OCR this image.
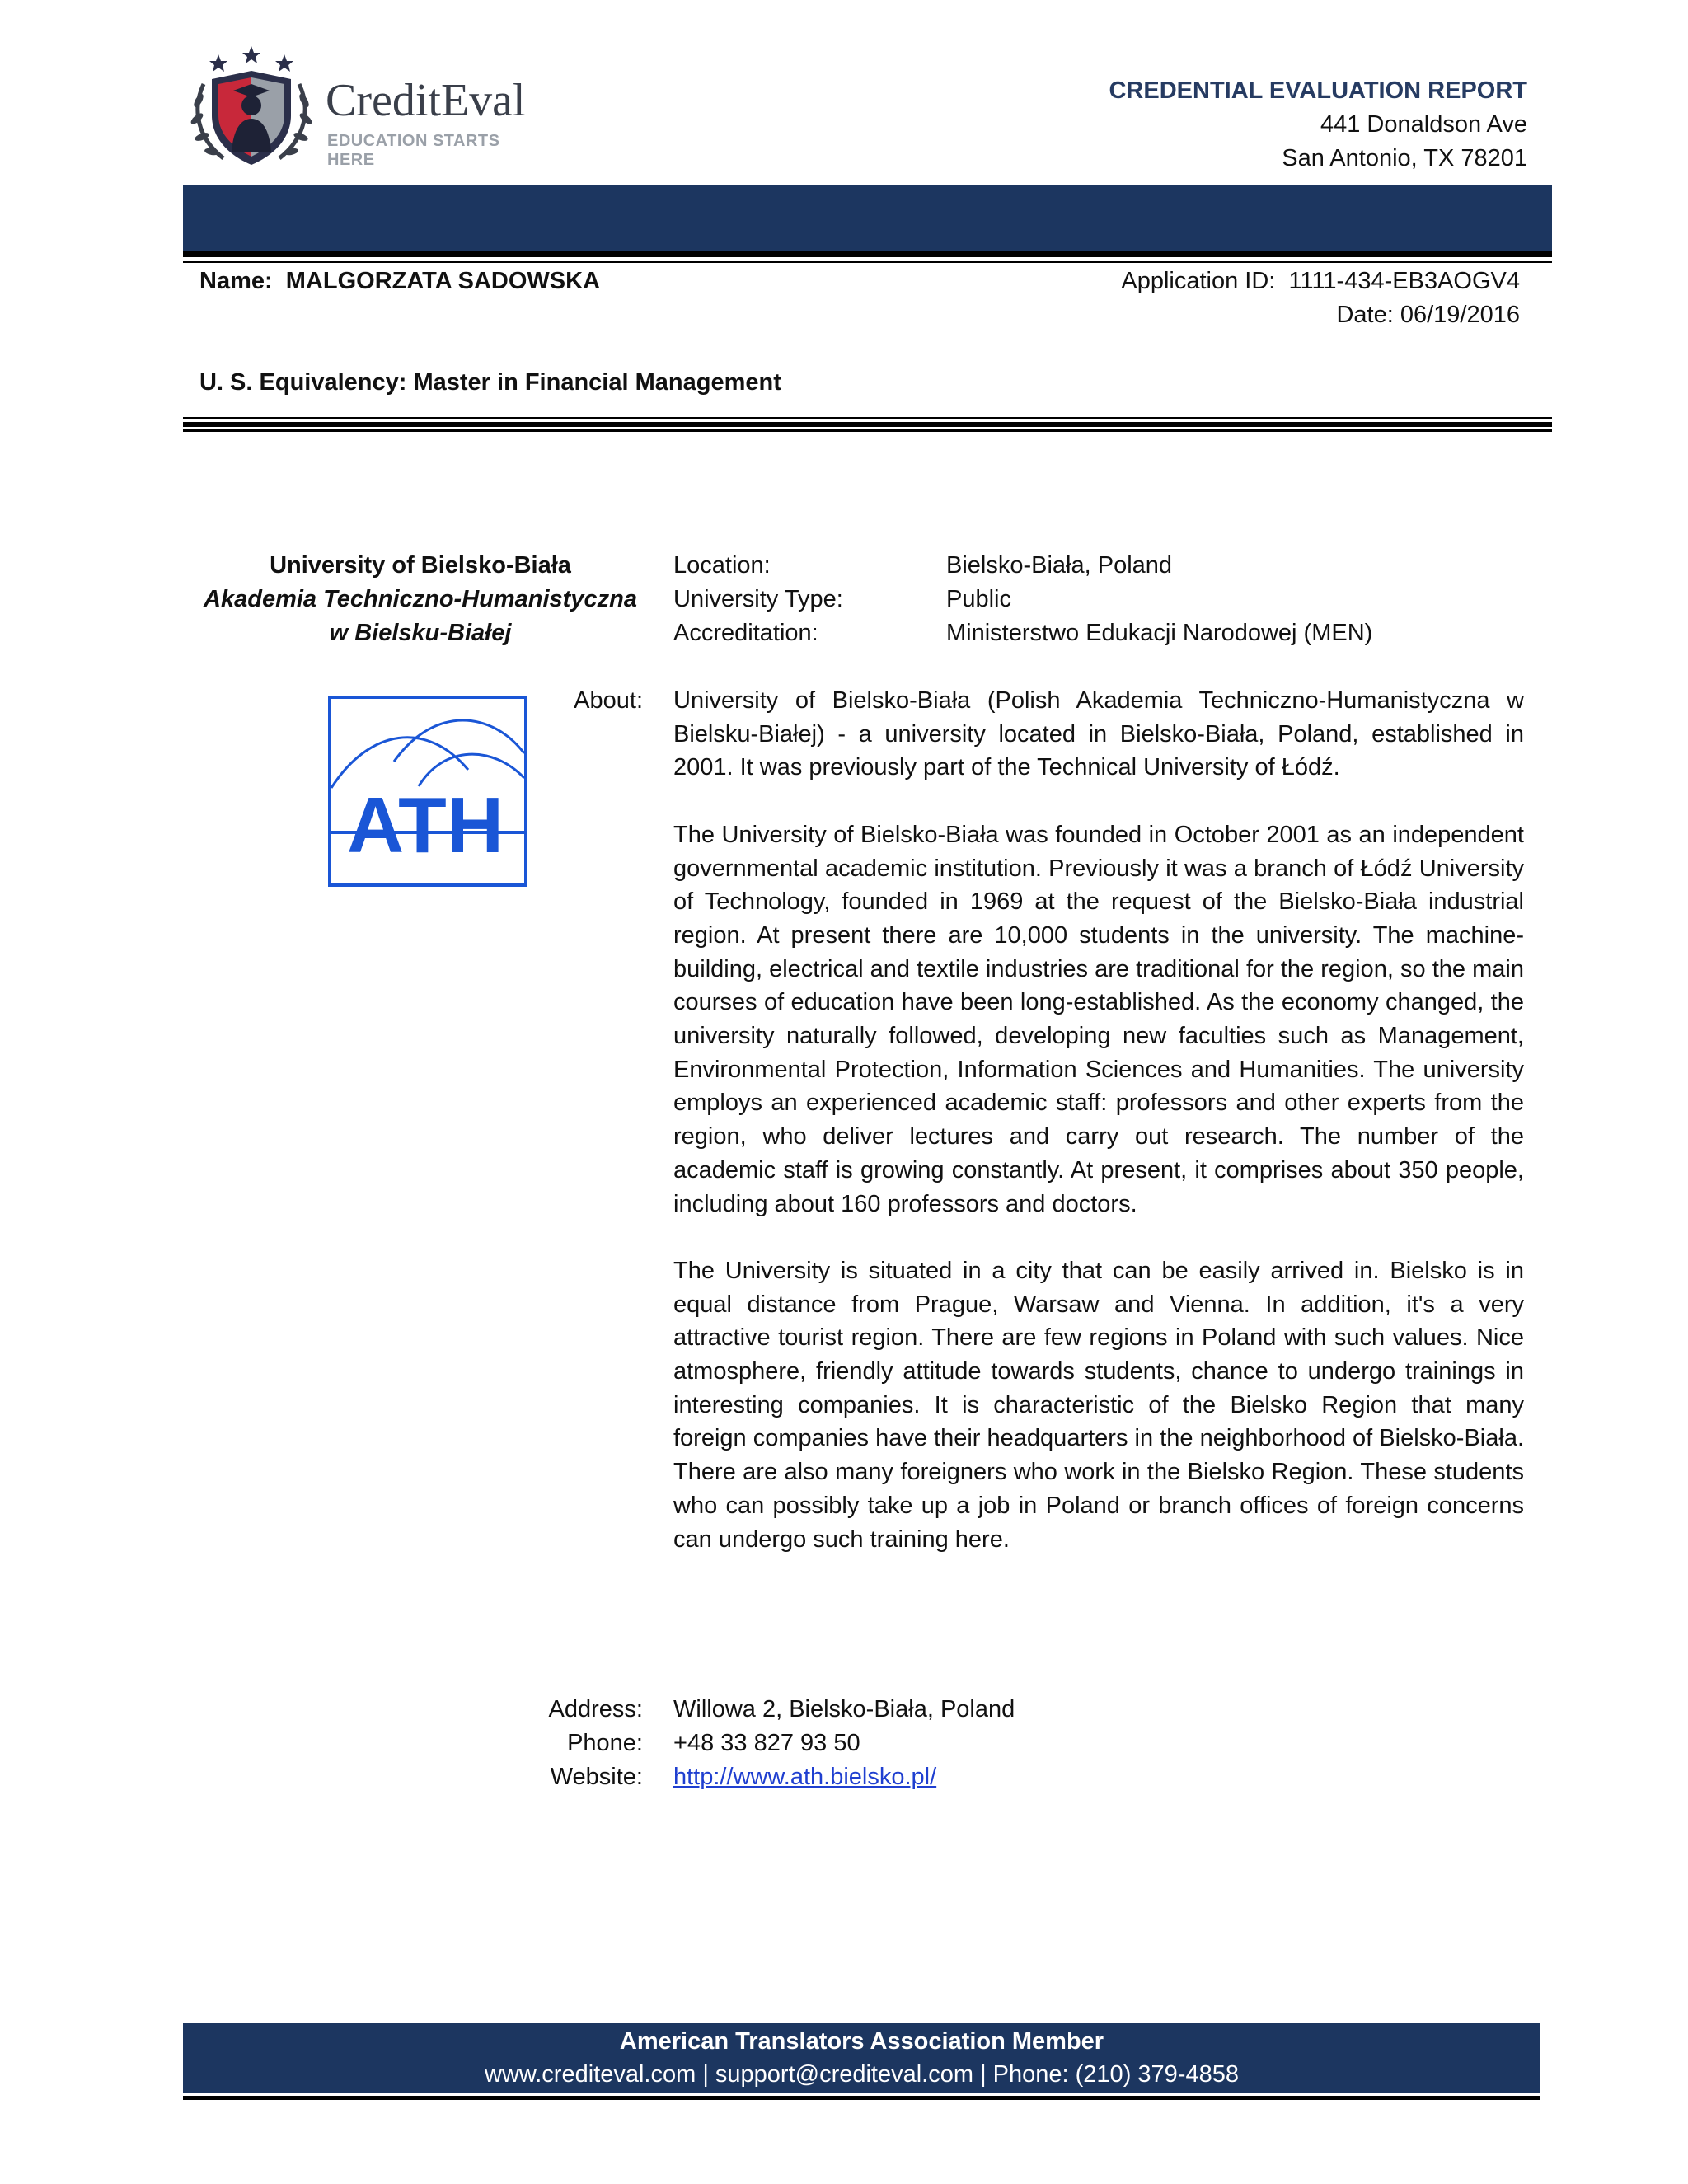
CreditEval
EDUCATION STARTS HERE
CREDENTIAL EVALUATION REPORT
441 Donaldson Ave
San Antonio, TX 78201
Name: MALGORZATA SADOWSKA	Application ID: 1111-434-EB3AOGV4
Date: 06/19/2016
U. S. Equivalency: Master in Financial Management
University of Bielsko-Biała
Akademia Techniczno-Humanistyczna
w Bielsku-Białej
Location:	Bielsko-Biała, Poland
University Type:	Public
Accreditation:	Ministerstwo Edukacji Narodowej (MEN)
ATH
About: University of Bielsko-Biała (Polish Akademia Techniczno-Humanistyczna w Bielsku-Białej) - a university located in Bielsko-Biała, Poland, established in 2001. It was previously part of the Technical University of Łódź.

The University of Bielsko-Biała was founded in October 2001 as an independent governmental academic institution. Previously it was a branch of Łódź University of Technology, founded in 1969 at the request of the Bielsko-Biała industrial region. At present there are 10,000 students in the university. The machine-building, electrical and textile industries are traditional for the region, so the main courses of education have been long-established. As the economy changed, the university naturally followed, developing new faculties such as Management, Environmental Protection, Information Sciences and Humanities. The university employs an experienced academic staff: professors and other experts from the region, who deliver lectures and carry out research. The number of the academic staff is growing constantly. At present, it comprises about 350 people, including about 160 professors and doctors.

The University is situated in a city that can be easily arrived in. Bielsko is in equal distance from Prague, Warsaw and Vienna. In addition, it's a very attractive tourist region. There are few regions in Poland with such values. Nice atmosphere, friendly attitude towards students, chance to undergo trainings in interesting companies. It is characteristic of the Bielsko Region that many foreign companies have their headquarters in the neighborhood of Bielsko-Biała. There are also many foreigners who work in the Bielsko Region. These students who can possibly take up a job in Poland or branch offices of foreign concerns can undergo such training here.

Address: Willowa 2, Bielsko-Biała, Poland
Phone: +48 33 827 93 50
Website: http://www.ath.bielsko.pl/
American Translators Association Member
www.crediteval.com | support@crediteval.com | Phone: (210) 379-4858
